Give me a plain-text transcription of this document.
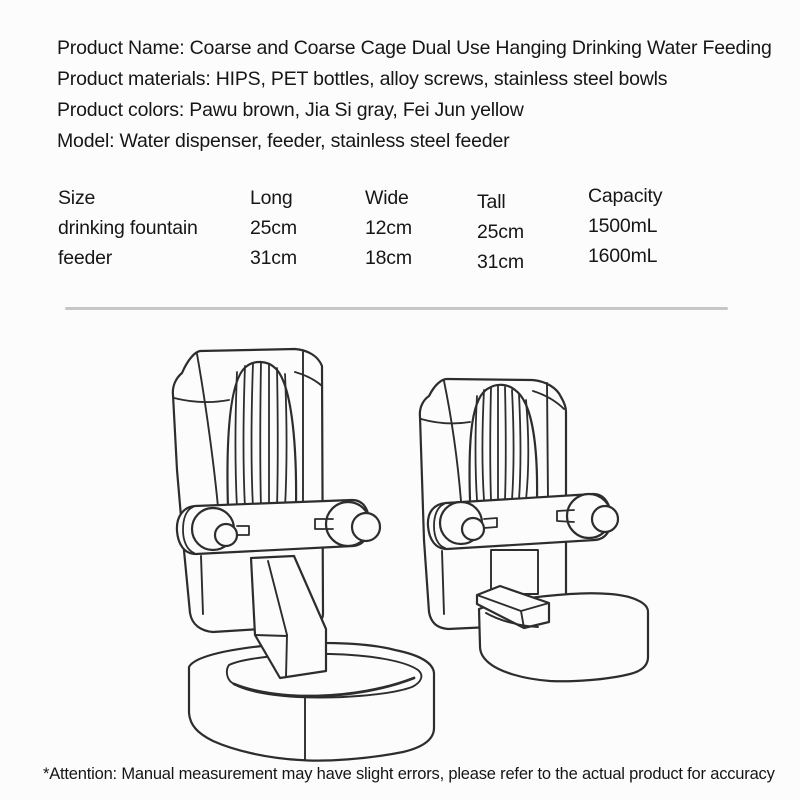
Product Name: Coarse and Coarse Cage Dual Use Hanging Drinking Water Feeding
Product materials: HIPS, PET bottles, alloy screws, stainless steel bowls
Product colors: Pawu brown, Jia Si gray, Fei Jun yellow
Model: Water dispenser, feeder, stainless steel feeder
Size	Long	Wide	Tall	Capacity
drinking fountain	25cm	12cm	25cm	1500mL
feeder	31cm	18cm	31cm	1600mL
*Attention: Manual measurement may have slight errors, please refer to the actual product for accuracy
